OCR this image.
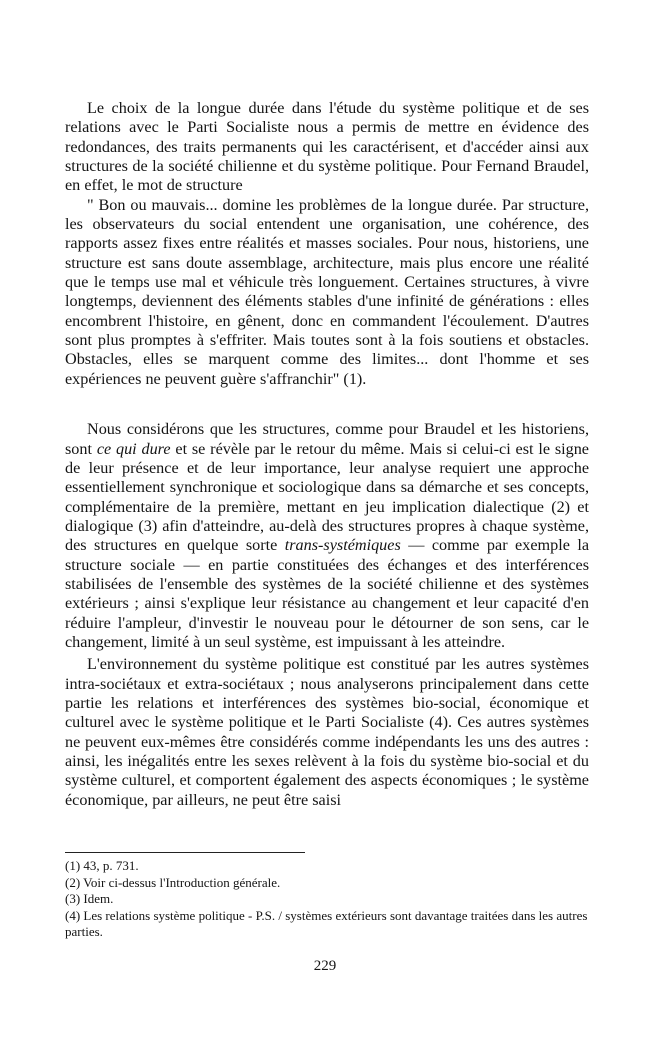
Le choix de la longue durée dans l'étude du système politique et de ses relations avec le Parti Socialiste nous a permis de mettre en évidence des redondances, des traits permanents qui les caractérisent, et d'accéder ainsi aux structures de la société chilienne et du système politique. Pour Fernand Braudel, en effet, le mot de structure

" Bon ou mauvais... domine les problèmes de la longue durée. Par structure, les observateurs du social entendent une organisation, une cohérence, des rapports assez fixes entre réalités et masses sociales. Pour nous, historiens, une structure est sans doute assemblage, architecture, mais plus encore une réalité que le temps use mal et véhicule très longuement. Certaines structures, à vivre longtemps, deviennent des éléments stables d'une infinité de générations : elles encombrent l'histoire, en gênent, donc en commandent l'écoulement. D'autres sont plus promptes à s'effriter. Mais toutes sont à la fois soutiens et obstacles. Obstacles, elles se marquent comme des limites... dont l'homme et ses expériences ne peuvent guère s'affranchir" (1).

Nous considérons que les structures, comme pour Braudel et les historiens, sont ce qui dure et se révèle par le retour du même. Mais si celui-ci est le signe de leur présence et de leur importance, leur analyse requiert une approche essentiellement synchronique et sociologique dans sa démarche et ses concepts, complémentaire de la première, mettant en jeu implication dialectique (2) et dialogique (3) afin d'atteindre, au-delà des structures propres à chaque système, des structures en quelque sorte trans-systémiques — comme par exemple la structure sociale — en partie constituées des échanges et des interférences stabilisées de l'ensemble des systèmes de la société chilienne et des systèmes extérieurs ; ainsi s'explique leur résistance au changement et leur capacité d'en réduire l'ampleur, d'investir le nouveau pour le détourner de son sens, car le changement, limité à un seul système, est impuissant à les atteindre.

L'environnement du système politique est constitué par les autres systèmes intra-sociétaux et extra-sociétaux ; nous analyserons principalement dans cette partie les relations et interférences des systèmes bio-social, économique et culturel avec le système politique et le Parti Socialiste (4). Ces autres systèmes ne peuvent eux-mêmes être considérés comme indépendants les uns des autres : ainsi, les inégalités entre les sexes relèvent à la fois du système bio-social et du système culturel, et comportent également des aspects économiques ; le système économique, par ailleurs, ne peut être saisi

(1) 43, p. 731.
(2) Voir ci-dessus l'Introduction générale.
(3) Idem.
(4) Les relations système politique - P.S. / systèmes extérieurs sont davantage traitées dans les autres parties.
229
